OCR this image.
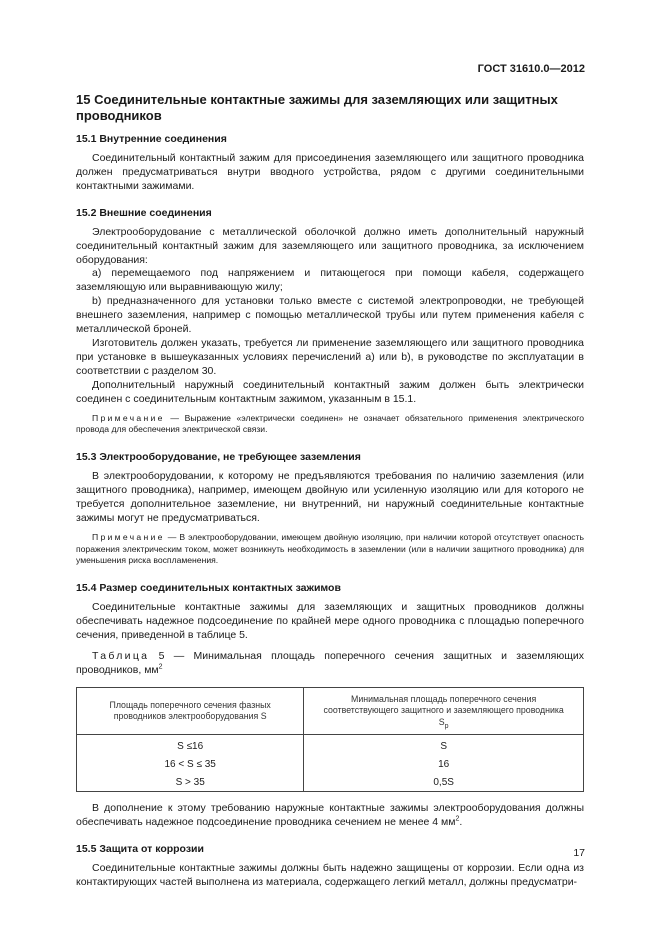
ГОСТ 31610.0—2012
15 Соединительные контактные зажимы для заземляющих или защитных проводников
15.1 Внутренние соединения

Соединительный контактный зажим для присоединения заземляющего или защитного проводника должен предусматриваться внутри вводного устройства, рядом с другими соединительными контактными зажимами.

15.2 Внешние соединения

Электрооборудование с металлической оболочкой должно иметь дополнительный наружный соединительный контактный зажим для заземляющего или защитного проводника, за исключением оборудования:

а) перемещаемого под напряжением и питающегося при помощи кабеля, содержащего заземляющую или выравнивающую жилу;

b) предназначенного для установки только вместе с системой электропроводки, не требующей внешнего заземления, например с помощью металлической трубы или путем применения кабеля с металлической броней.

Изготовитель должен указать, требуется ли применение заземляющего или защитного проводника при установке в вышеуказанных условиях перечислений а) или b), в руководстве по эксплуатации в соответствии с разделом 30.

Дополнительный наружный соединительный контактный зажим должен быть электрически соединен с соединительным контактным зажимом, указанным в 15.1.

Примечание — Выражение «электрически соединен» не означает обязательного применения электрического провода для обеспечения электрической связи.

15.3 Электрооборудование, не требующее заземления

В электрооборудовании, к которому не предъявляются требования по наличию заземления (или защитного проводника), например, имеющем двойную или усиленную изоляцию или для которого не требуется дополнительное заземление, ни внутренний, ни наружный соединительные контактные зажимы могут не предусматриваться.

Примечание — В электрооборудовании, имеющем двойную изоляцию, при наличии которой отсутствует опасность поражения электрическим током, может возникнуть необходимость в заземлении (или в наличии защитного проводника) для уменьшения риска воспламенения.

15.4 Размер соединительных контактных зажимов

Соединительные контактные зажимы для заземляющих и защитных проводников должны обеспечивать надежное подсоединение по крайней мере одного проводника с площадью поперечного сечения, приведенной в таблице 5.

Таблица 5 — Минимальная площадь поперечного сечения защитных и заземляющих проводников, $мм^2$

Площадь поперечного сечения фазных проводников электрооборудования S	Минимальная площадь поперечного сечения соответствующего защитного и заземляющего проводника
$S_p$
S ≤16	S
16 < S ≤ 35	16
S > 35	0,5S

В дополнение к этому требованию наружные контактные зажимы электрооборудования должны обеспечивать надежное подсоединение проводника сечением не менее 4 $мм^2$.

15.5 Защита от коррозии

Соединительные контактные зажимы должны быть надежно защищены от коррозии. Если одна из контактирующих частей выполнена из материала, содержащего легкий металл, должны предусматри-

17
